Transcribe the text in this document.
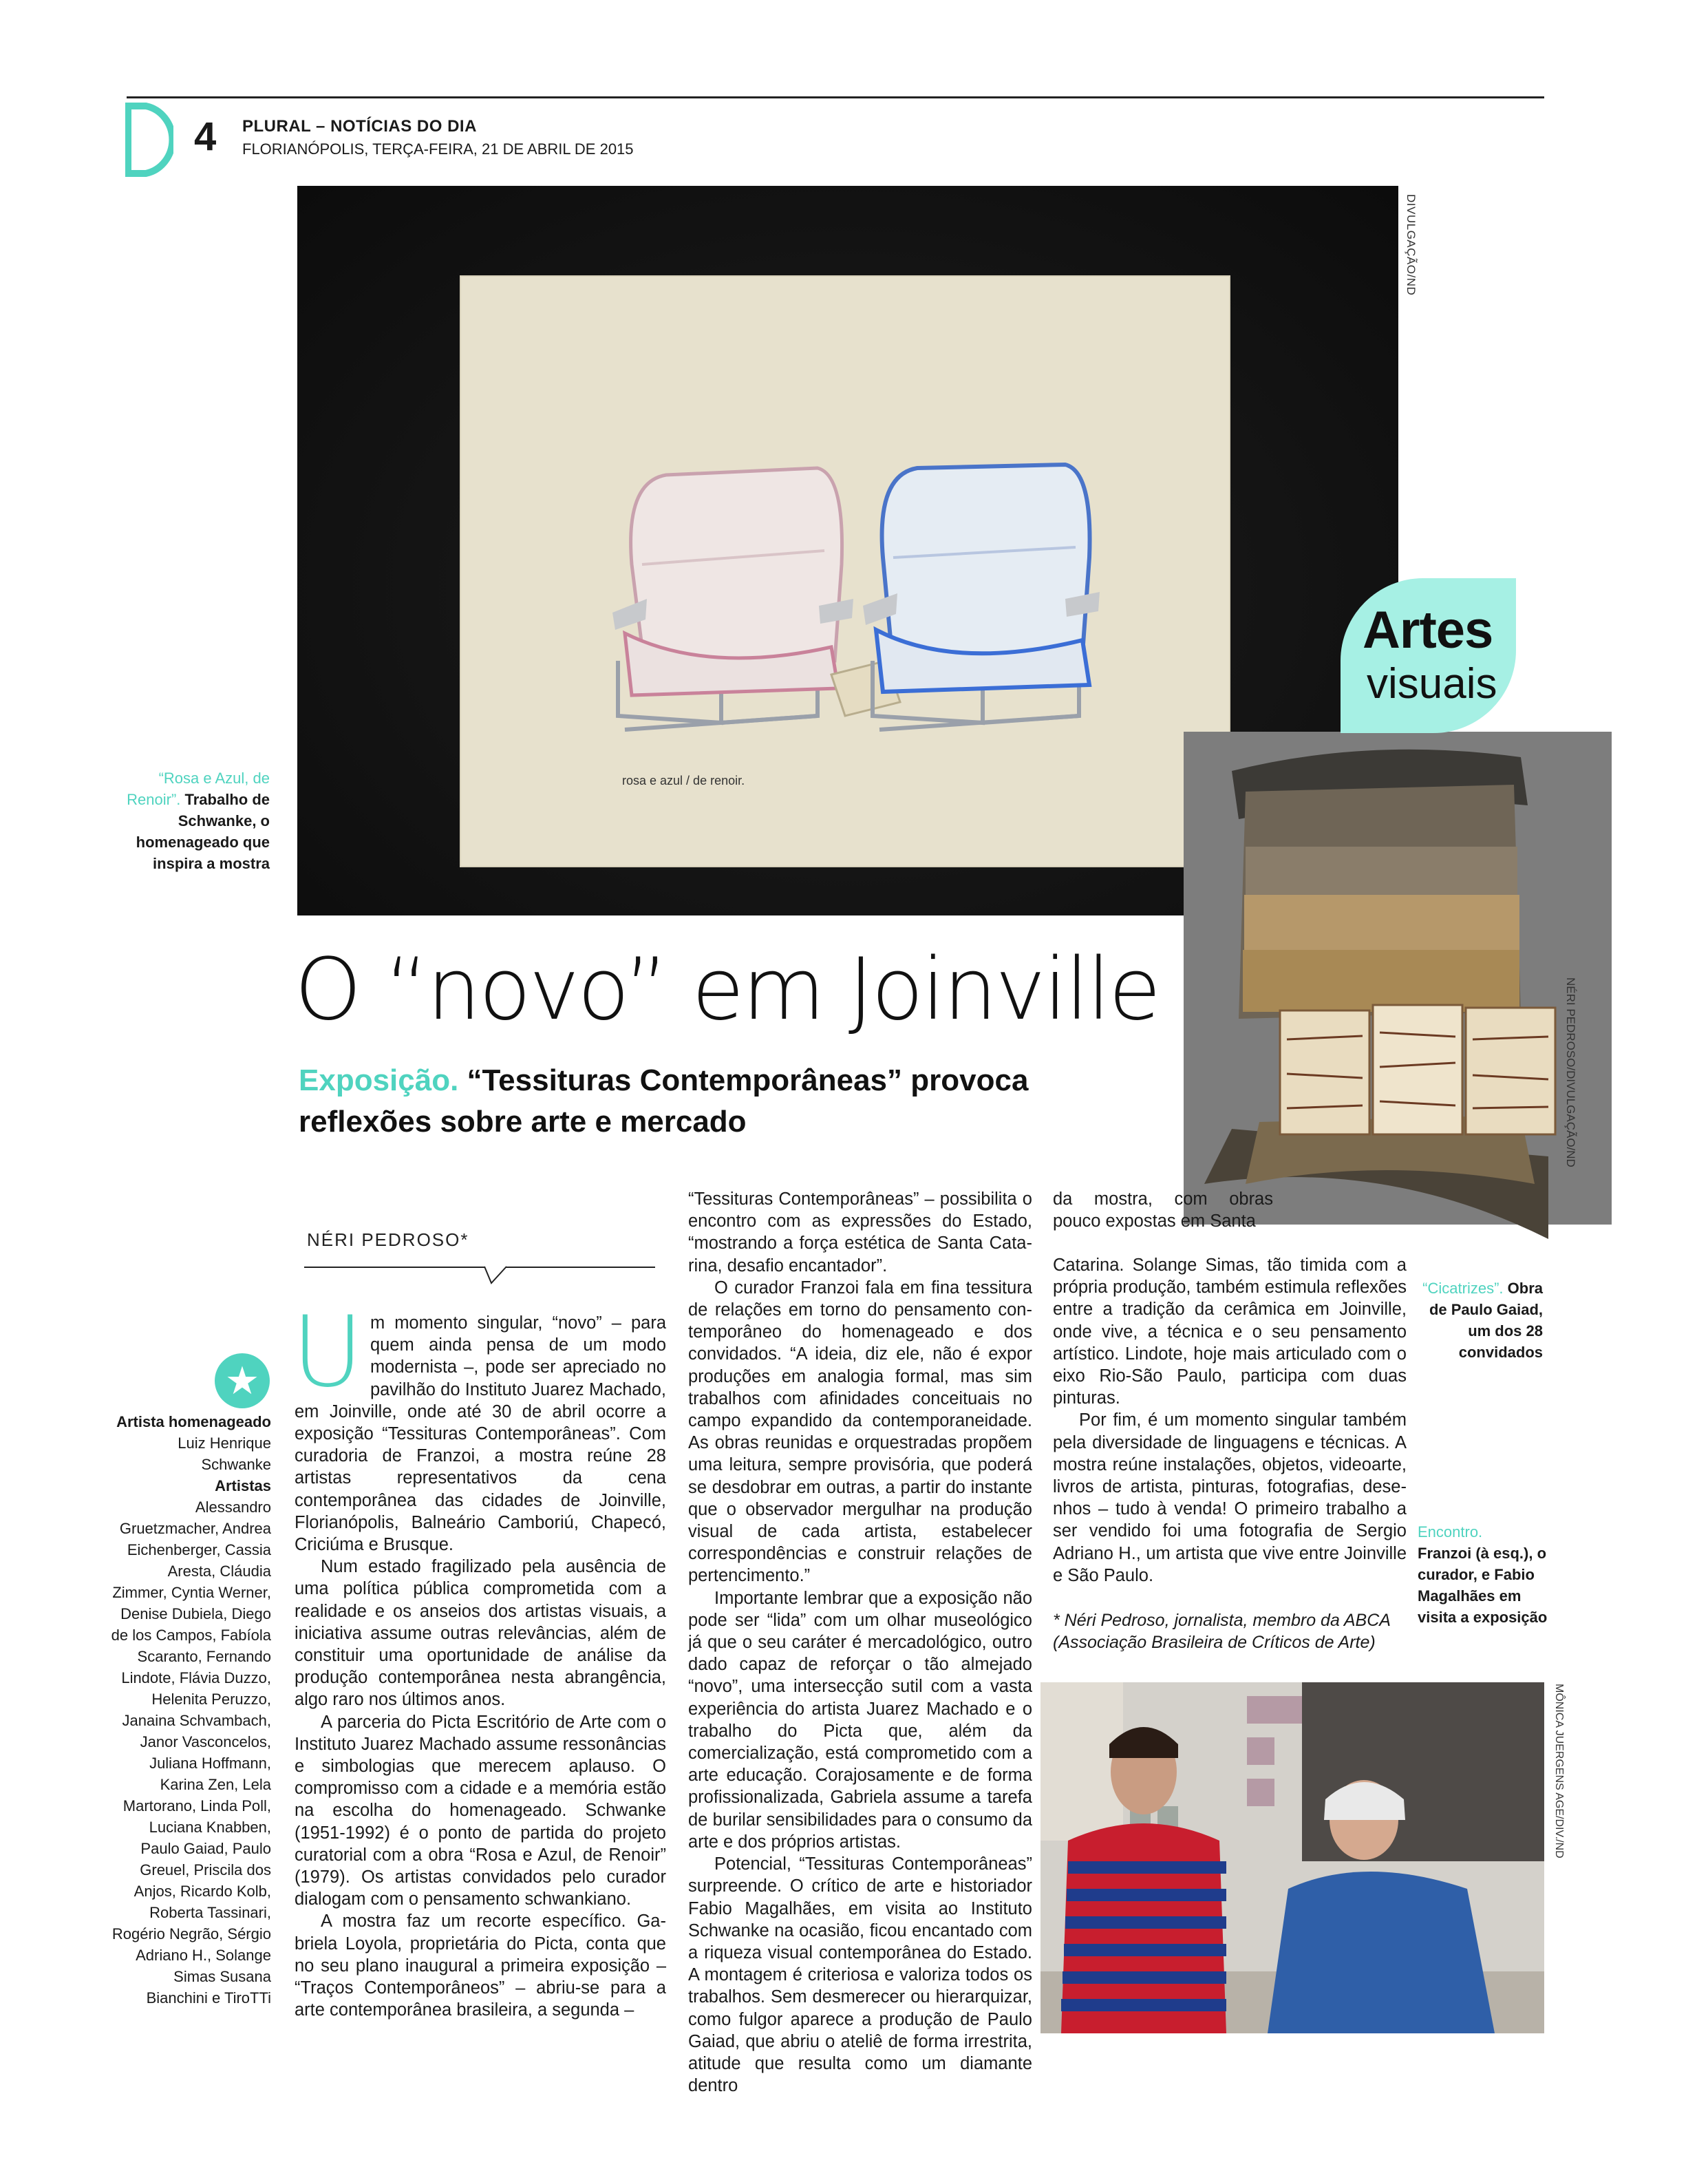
4 PLURAL – NOTÍCIAS DO DIA
FLORIANÓPOLIS, TERÇA-FEIRA, 21 DE ABRIL DE 2015
rosa e azul / de renoir.
DIVULGAÇÃO/ND
“Rosa e Azul, de Renoir”. Trabalho de Schwanke, o homenageado que inspira a mostra
NÉRI PEDROSO/DIVULGAÇÃO/ND
Artes
visuais
O “novo” em Joinville
Exposição. “Tessituras Contemporâneas” provoca reflexões sobre arte e mercado
NÉRI PEDROSO*
★
Artista homenageado
Luiz Henrique Schwanke
Artistas
Alessandro Gruetzmacher, Andrea Eichenberger, Cassia Aresta, Cláudia Zimmer, Cyntia Werner, Denise Dubiela, Diego de los Campos, Fabíola Scaranto, Fernando Lindote, Flávia Duzzo, Helenita Peruzzo, Janaina Schvambach, Janor Vasconcelos, Juliana Hoffmann, Karina Zen, Lela Martorano, Linda Poll, Luciana Knabben, Paulo Gaiad, Paulo Greuel, Priscila dos Anjos, Ricardo Kolb, Roberta Tassinari, Rogério Negrão, Sérgio Adriano H., Solange Simas Susana Bianchini e TiroTTi
U m momento singular, “novo” – para quem ainda pensa de um modo modernista –, pode ser apreciado no pavilhão do Instituto Juarez Machado, em Joinville, onde até 30 de abril ocorre a exposição “Tessituras Contemporâneas”. Com curadoria de Franzoi, a mostra reúne 28 artistas representativos da cena contemporânea das cidades de Joinville, Florianópolis, Balneário Camboriú, Chapecó, Criciúma e Brusque.

Num estado fragilizado pela ausência de uma política pública comprometida com a realidade e os anseios dos artistas visuais, a iniciativa assume outras relevâncias, além de constituir uma oportunidade de análise da produção contemporânea nesta abrangência, algo raro nos últimos anos.

A parceria do Picta Escritório de Arte com o Instituto Juarez Machado assume ressonâncias e simbologias que merecem aplauso. O compromisso com a cidade e a memória estão na escolha do homenageado. Schwanke (1951-1992) é o ponto de partida do projeto curatorial com a obra “Rosa e Azul, de Renoir” (1979). Os artistas convidados pelo curador dialogam com o pensamento schwankiano.

A mostra faz um recorte específico. Gabriela Loyola, proprietária do Picta, conta que no seu plano inaugural a primeira exposição – “Traços Contemporâneos” – abriu-se para a arte contemporânea brasileira, a segunda –

“Tessituras Contemporâneas” – possibilita o encontro com as expressões do Estado, “mostrando a força estética de Santa Catarina, desafio encantador”.

O curador Franzoi fala em fina tessitura de relações em torno do pensamento contemporâneo do homenageado e dos convidados. “A ideia, diz ele, não é expor produções em analogia formal, mas sim trabalhos com afinidades conceituais no campo expandido da contemporaneidade. As obras reunidas e orquestradas propõem uma leitura, sempre provisória, que poderá se desdobrar em outras, a partir do instante que o observador mergulhar na produção visual de cada artista, estabelecer correspondências e construir relações de pertencimento.”

Importante lembrar que a exposição não pode ser “lida” com um olhar museológico já que o seu caráter é mercadológico, outro dado capaz de reforçar o tão almejado “novo”, uma intersecção sutil com a vasta experiência do artista Juarez Machado e o trabalho do Picta que, além da comercialização, está comprometido com a arte educação. Corajosamente e de forma profissionalizada, Gabriela assume a tarefa de burilar sensibilidades para o consumo da arte e dos próprios artistas.

Potencial, “Tessituras Contemporâneas” surpreende. O crítico de arte e historiador Fabio Magalhães, em visita ao Instituto Schwanke na ocasião, ficou encantado com a riqueza visual contemporânea do Estado. A montagem é criteriosa e valoriza todos os trabalhos. Sem desmerecer ou hierarquizar, como fulgor aparece a produção de Paulo Gaiad, que abriu o ateliê de forma irrestrita, atitude que resulta como um diamante dentro

da mostra, com obras pouco expostas em Santa

Catarina. Solange Simas, tão timida com a própria produção, também estimula reflexões entre a tradição da cerâmica em Joinville, onde vive, a técnica e o seu pensamento artístico. Lindote, hoje mais articulado com o eixo Rio-São Paulo, participa com duas pinturas.

Por fim, é um momento singular também pela diversidade de linguagens e técnicas. A mostra reúne instalações, objetos, videoarte, livros de artista, pinturas, fotografias, desenhos – tudo à venda! O primeiro trabalho a ser vendido foi uma fotografia de Sergio Adriano H., um artista que vive entre Joinville e São Paulo.

* Néri Pedroso, jornalista, membro da ABCA (Associação Brasileira de Críticos de Arte)
“Cicatrizes”. Obra de Paulo Gaiad, um dos 28 convidados
Encontro.
Franzoi (à esq.), o curador, e Fabio Magalhães em visita a exposição
MÔNICA JUERGENS AGE/DIV./ND
